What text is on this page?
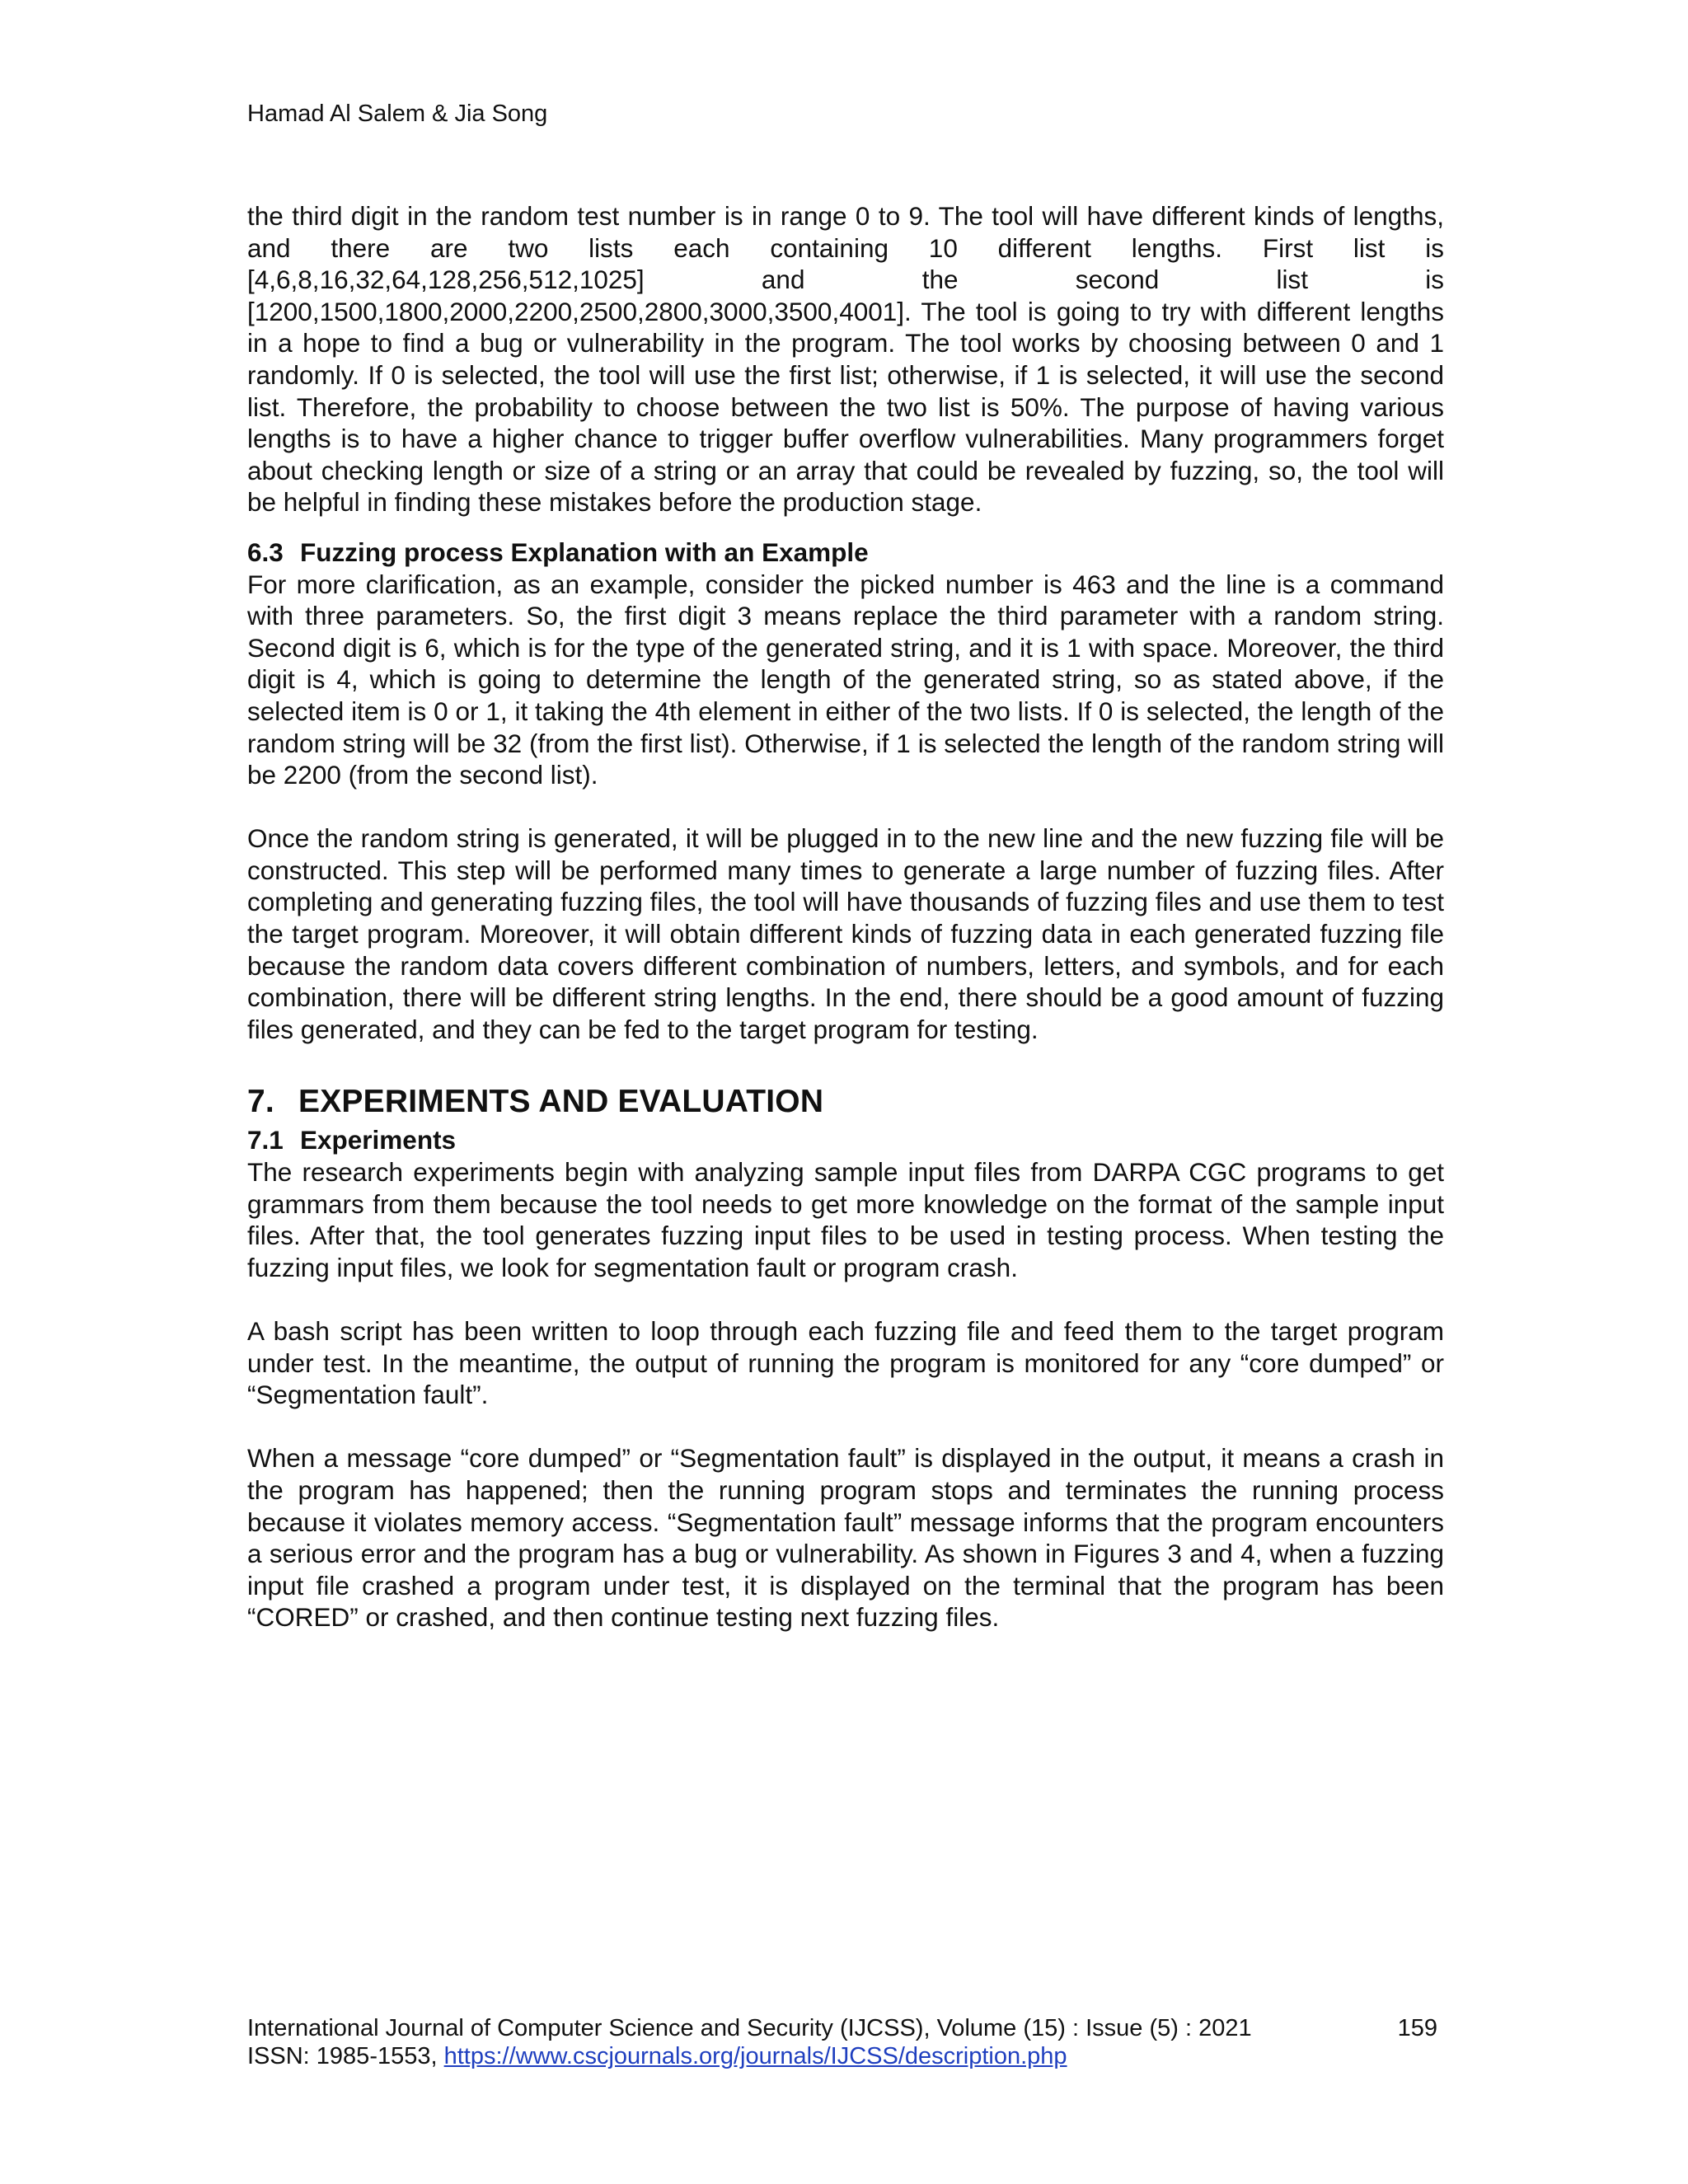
Hamad Al Salem & Jia Song

the third digit in the random test number is in range 0 to 9. The tool will have different kinds of lengths, and there are two lists each containing 10 different lengths. First list is [4,6,8,16,32,64,128,256,512,1025] and the second list is [1200,1500,1800,2000,2200,2500,2800,3000,3500,4001]. The tool is going to try with different lengths in a hope to find a bug or vulnerability in the program. The tool works by choosing between 0 and 1 randomly. If 0 is selected, the tool will use the first list; otherwise, if 1 is selected, it will use the second list. Therefore, the probability to choose between the two list is 50%. The purpose of having various lengths is to have a higher chance to trigger buffer overflow vulnerabilities. Many programmers forget about checking length or size of a string or an array that could be revealed by fuzzing, so, the tool will be helpful in finding these mistakes before the production stage.

6.3 Fuzzing process Explanation with an Example

For more clarification, as an example, consider the picked number is 463 and the line is a command with three parameters. So, the first digit 3 means replace the third parameter with a random string. Second digit is 6, which is for the type of the generated string, and it is 1 with space. Moreover, the third digit is 4, which is going to determine the length of the generated string, so as stated above, if the selected item is 0 or 1, it taking the 4th element in either of the two lists. If 0 is selected, the length of the random string will be 32 (from the first list). Otherwise, if 1 is selected the length of the random string will be 2200 (from the second list).

Once the random string is generated, it will be plugged in to the new line and the new fuzzing file will be constructed. This step will be performed many times to generate a large number of fuzzing files. After completing and generating fuzzing files, the tool will have thousands of fuzzing files and use them to test the target program. Moreover, it will obtain different kinds of fuzzing data in each generated fuzzing file because the random data covers different combination of numbers, letters, and symbols, and for each combination, there will be different string lengths. In the end, there should be a good amount of fuzzing files generated, and they can be fed to the target program for testing.

7. EXPERIMENTS AND EVALUATION
7.1 Experiments

The research experiments begin with analyzing sample input files from DARPA CGC programs to get grammars from them because the tool needs to get more knowledge on the format of the sample input files. After that, the tool generates fuzzing input files to be used in testing process. When testing the fuzzing input files, we look for segmentation fault or program crash.

A bash script has been written to loop through each fuzzing file and feed them to the target program under test. In the meantime, the output of running the program is monitored for any “core dumped” or “Segmentation fault”.

When a message “core dumped” or “Segmentation fault” is displayed in the output, it means a crash in the program has happened; then the running program stops and terminates the running process because it violates memory access. “Segmentation fault” message informs that the program encounters a serious error and the program has a bug or vulnerability. As shown in Figures 3 and 4, when a fuzzing input file crashed a program under test, it is displayed on the terminal that the program has been “CORED” or crashed, and then continue testing next fuzzing files.

International Journal of Computer Science and Security (IJCSS), Volume (15) : Issue (5) : 2021	159
ISSN: 1985-1553, https://www.cscjournals.org/journals/IJCSS/description.php
